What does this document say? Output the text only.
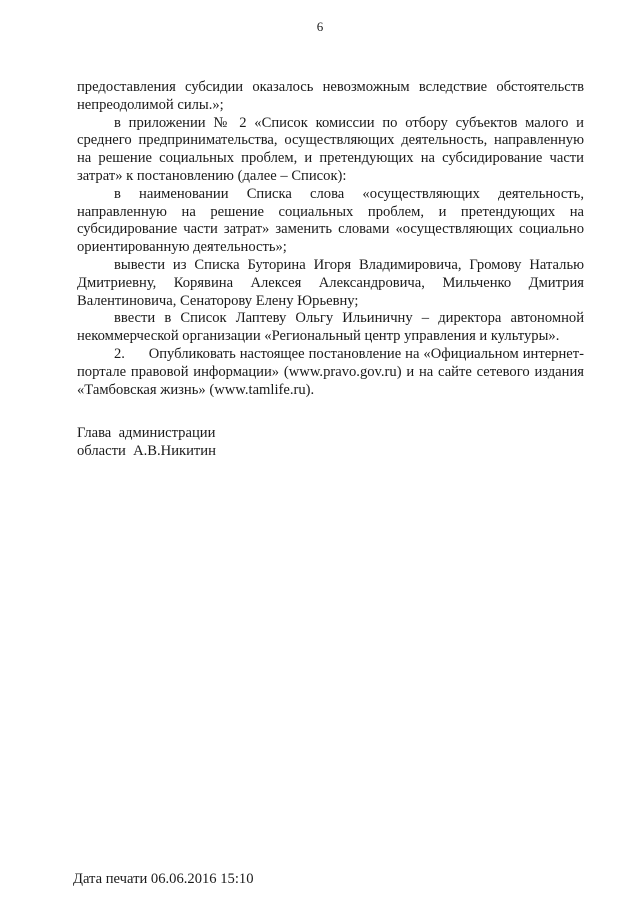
6

предоставления субсидии оказалось невозможным вследствие обстоятельств непреодолимой силы.»;

в приложении № 2 «Список комиссии по отбору субъектов малого и среднего предпринимательства, осуществляющих деятельность, направленную на решение социальных проблем, и претендующих на субсидирование части затрат» к постановлению (далее – Список):

в наименовании Списка слова «осуществляющих деятельность, направленную на решение социальных проблем, и претендующих на субсидирование части затрат» заменить словами «осуществляющих социально ориентированную деятельность»;

вывести из Списка Буторина Игоря Владимировича, Громову Наталью Дмитриевну, Корявина Алексея Александровича, Мильченко Дмитрия Валентиновича, Сенаторову Елену Юрьевну;

ввести в Список Лаптеву Ольгу Ильиничну – директора автономной некоммерческой организации «Региональный центр управления и культуры».

2.      Опубликовать настоящее постановление на «Официальном интернет-портале правовой информации» (www.pravo.gov.ru) и на сайте сетевого издания «Тамбовская жизнь» (www.tamlife.ru).

Глава  администрации
области  А.В.Никитин
Дата печати 06.06.2016 15:10
